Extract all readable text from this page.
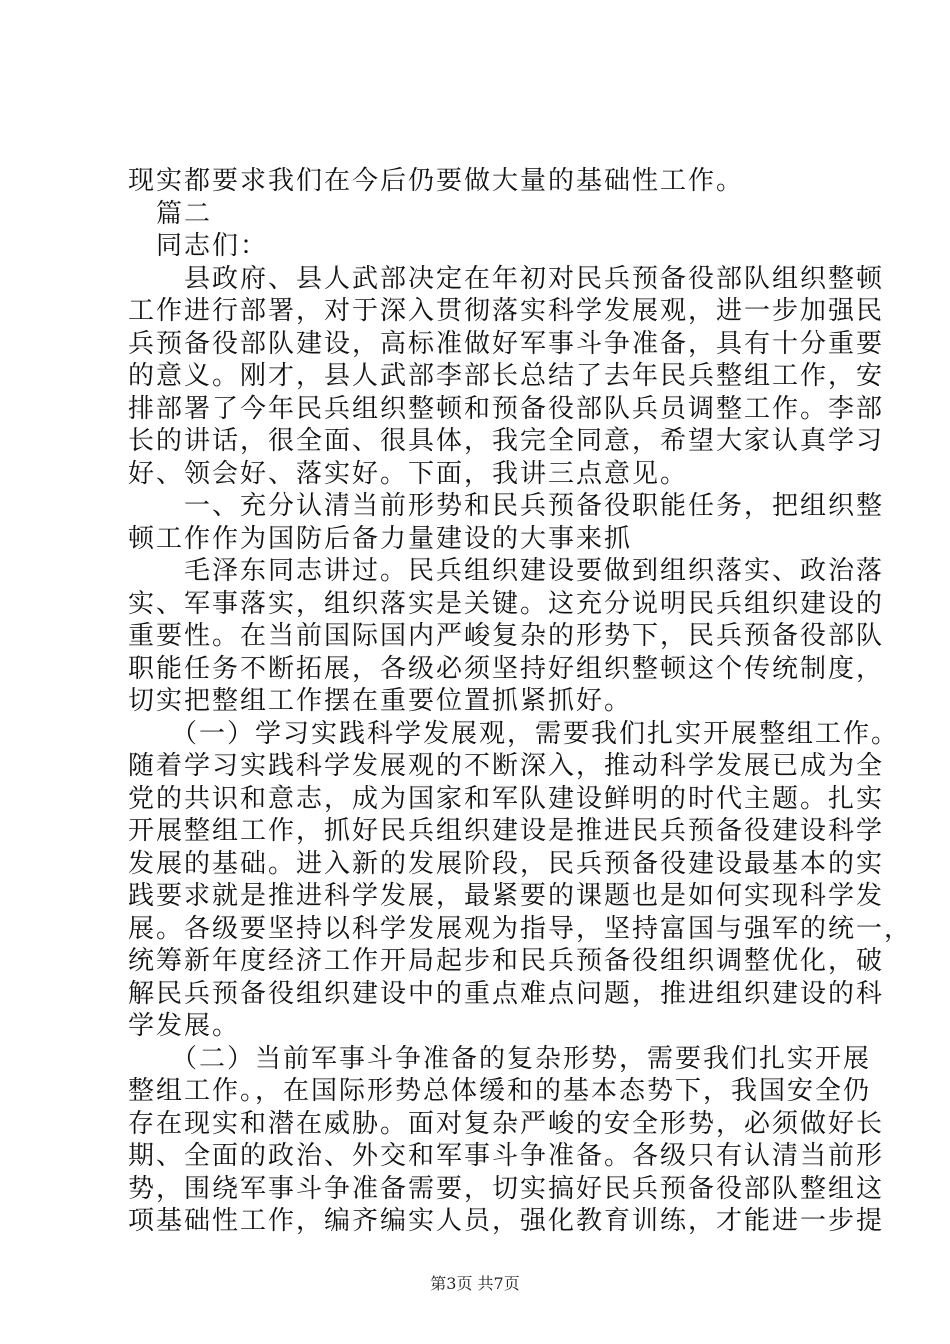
现实都要求我们在今后仍要做大量的基础性工作。
　篇二
　同志们：
　　县政府、县人武部决定在年初对民兵预备役部队组织整顿
工作进行部署，对于深入贯彻落实科学发展观，进一步加强民
兵预备役部队建设，高标准做好军事斗争准备，具有十分重要
的意义。刚才，县人武部李部长总结了去年民兵整组工作，安
排部署了今年民兵组织整顿和预备役部队兵员调整工作。李部
长的讲话，很全面、很具体，我完全同意，希望大家认真学习
好、领会好、落实好。下面，我讲三点意见。
　　一、充分认清当前形势和民兵预备役职能任务，把组织整
顿工作作为国防后备力量建设的大事来抓
　　毛泽东同志讲过。民兵组织建设要做到组织落实、政治落
实、军事落实，组织落实是关键。这充分说明民兵组织建设的
重要性。在当前国际国内严峻复杂的形势下，民兵预备役部队
职能任务不断拓展，各级必须坚持好组织整顿这个传统制度，
切实把整组工作摆在重要位置抓紧抓好。
　　（一）学习实践科学发展观，需要我们扎实开展整组工作。
随着学习实践科学发展观的不断深入，推动科学发展已成为全
党的共识和意志，成为国家和军队建设鲜明的时代主题。扎实
开展整组工作，抓好民兵组织建设是推进民兵预备役建设科学
发展的基础。进入新的发展阶段，民兵预备役建设最基本的实
践要求就是推进科学发展，最紧要的课题也是如何实现科学发
展。各级要坚持以科学发展观为指导，坚持富国与强军的统一，
统筹新年度经济工作开局起步和民兵预备役组织调整优化，破
解民兵预备役组织建设中的重点难点问题，推进组织建设的科
学发展。
　　（二）当前军事斗争准备的复杂形势，需要我们扎实开展
整组工作。，在国际形势总体缓和的基本态势下，我国安全仍
存在现实和潜在威胁。面对复杂严峻的安全形势，必须做好长
期、全面的政治、外交和军事斗争准备。各级只有认清当前形
势，围绕军事斗争准备需要，切实搞好民兵预备役部队整组这
项基础性工作，编齐编实人员，强化教育训练，才能进一步提
第3页 共7页
